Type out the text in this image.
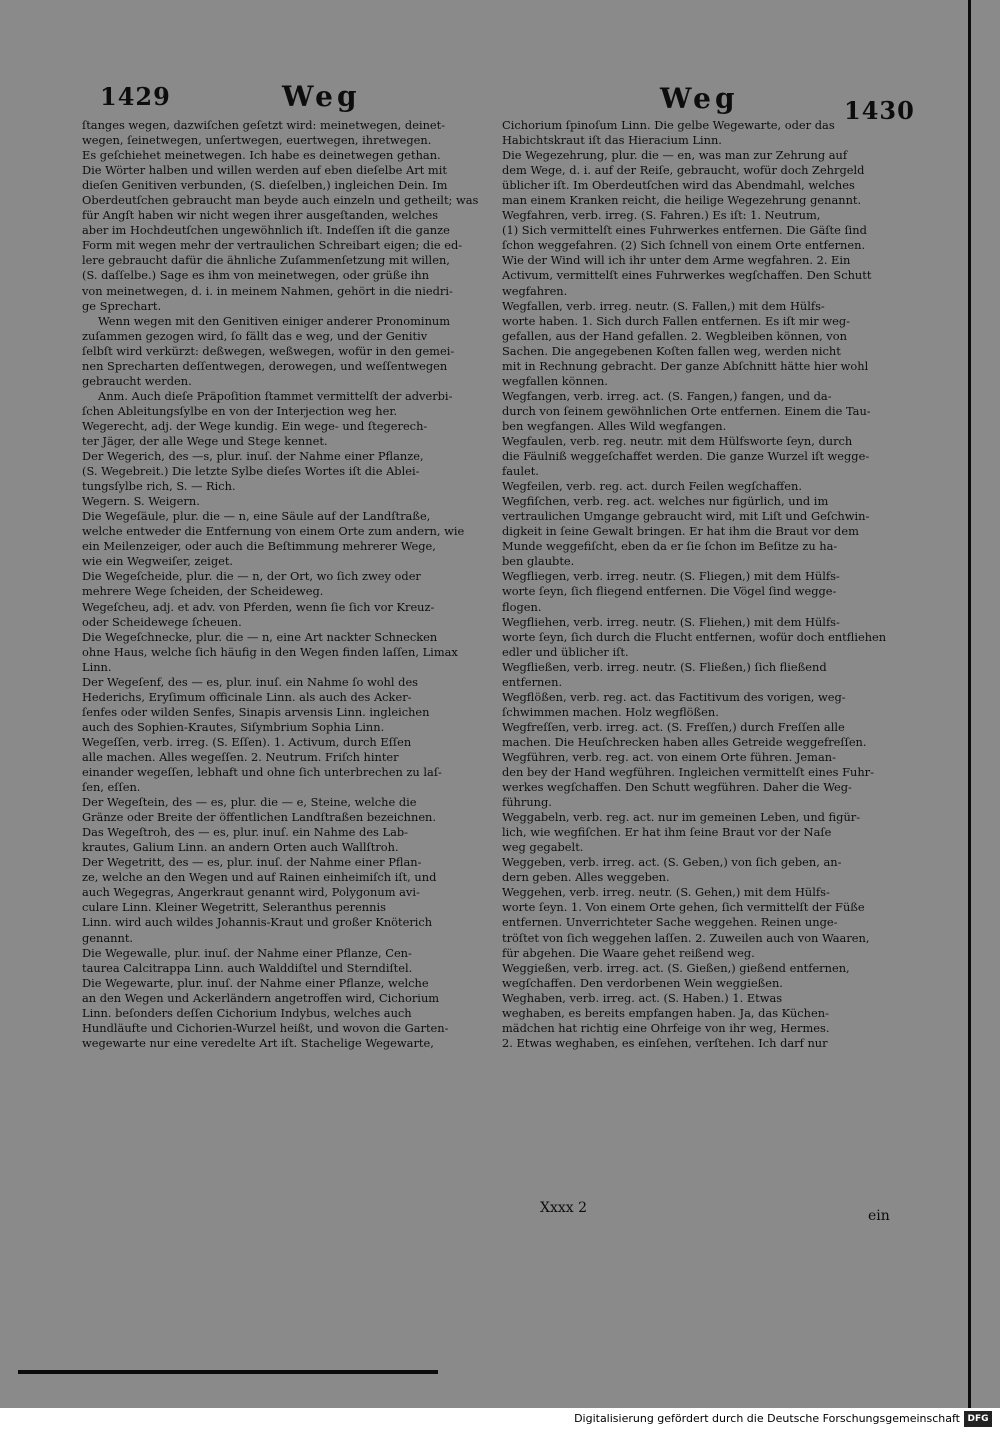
1429	Weg	Weg	1430

ſtanges wegen, dazwiſchen geſetzt wird: meinetwegen, deinet-

wegen, ſeinetwegen, unſertwegen, euertwegen, ihretwegen.

Es geſchiehet meinetwegen. Ich habe es deinetwegen gethan.

Die Wörter halben und willen werden auf eben dieſelbe Art mit

dieſen Genitiven verbunden, (S. dieſelben,) ingleichen Dein. Im

Oberdeutſchen gebraucht man beyde auch einzeln und getheilt; was

für Angſt haben wir nicht wegen ihrer ausgeſtanden, welches

aber im Hochdeutſchen ungewöhnlich iſt. Indeſſen iſt die ganze

Form mit wegen mehr der vertraulichen Schreibart eigen; die ed-

lere gebraucht dafür die ähnliche Zuſammenſetzung mit willen,

(S. daſſelbe.) Sage es ihm von meinetwegen, oder grüße ihn

von meinetwegen, d. i. in meinem Nahmen, gehört in die niedri-

ge Sprechart.

Wenn wegen mit den Genitiven einiger anderer Pronominum

zuſammen gezogen wird, ſo fällt das e weg, und der Genitiv

ſelbſt wird verkürzt: deßwegen, weßwegen, wofür in den gemei-

nen Sprecharten deſſentwegen, derowegen, und weſſentwegen

gebraucht werden.

Anm. Auch dieſe Präpoſition ſtammet vermittelſt der adverbi-

ſchen Ableitungsſylbe en von der Interjection weg her.

Wegerecht, adj. der Wege kundig. Ein wege- und ſtegerech-

ter Jäger, der alle Wege und Stege kennet.

Der Wegerich, des —s, plur. inuſ. der Nahme einer Pflanze,

(S. Wegebreit.) Die letzte Sylbe dieſes Wortes iſt die Ablei-

tungsſylbe rich, S. — Rich.

Wegern. S. Weigern.

Die Wegeſäule, plur. die — n, eine Säule auf der Landſtraße,

welche entweder die Entfernung von einem Orte zum andern, wie

ein Meilenzeiger, oder auch die Beſtimmung mehrerer Wege,

wie ein Wegweiſer, zeiget.

Die Wegeſcheide, plur. die — n, der Ort, wo ſich zwey oder

mehrere Wege ſcheiden, der Scheideweg.

Wegeſcheu, adj. et adv. von Pferden, wenn ſie ſich vor Kreuz-

oder Scheidewege ſcheuen.

Die Wegeſchnecke, plur. die — n, eine Art nackter Schnecken

ohne Haus, welche ſich häufig in den Wegen finden laſſen, Limax

Linn.

Der Wegeſenf, des — es, plur. inuſ. ein Nahme ſo wohl des

Hederichs, Eryſimum officinale Linn. als auch des Acker-

ſenfes oder wilden Senfes, Sinapis arvensis Linn. ingleichen

auch des Sophien-Krautes, Siſymbrium Sophia Linn.

Wegeſſen, verb. irreg. (S. Eſſen). 1. Activum, durch Eſſen

alle machen. Alles wegeſſen. 2. Neutrum. Friſch hinter

einander wegeſſen, lebhaft und ohne ſich unterbrechen zu laſ-

ſen, eſſen.

Der Wegeſtein, des — es, plur. die — e, Steine, welche die

Gränze oder Breite der öffentlichen Landſtraßen bezeichnen.

Das Wegeſtroh, des — es, plur. inuſ. ein Nahme des Lab-

krautes, Galium Linn. an andern Orten auch Wallſtroh.

Der Wegetritt, des — es, plur. inuſ. der Nahme einer Pflan-

ze, welche an den Wegen und auf Rainen einheimiſch iſt, und

auch Wegegras, Angerkraut genannt wird, Polygonum avi-

culare Linn. Kleiner Wegetritt, Seleranthus perennis

Linn. wird auch wildes Johannis-Kraut und großer Knöterich

genannt.

Die Wegewalle, plur. inuſ. der Nahme einer Pflanze, Cen-

taurea Calcitrappa Linn. auch Walddiſtel und Sterndiſtel.

Die Wegewarte, plur. inuſ. der Nahme einer Pflanze, welche

an den Wegen und Ackerländern angetroffen wird, Cichorium

Linn. beſonders deſſen Cichorium Indybus, welches auch

Hundläufte und Cichorien-Wurzel heißt, und wovon die Garten-

wegewarte nur eine veredelte Art iſt. Stachelige Wegewarte,

Cichorium ſpinoſum Linn. Die gelbe Wegewarte, oder das

Habichtskraut iſt das Hieracium Linn.

Die Wegezehrung, plur. die — en, was man zur Zehrung auf

dem Wege, d. i. auf der Reiſe, gebraucht, wofür doch Zehrgeld

üblicher iſt. Im Oberdeutſchen wird das Abendmahl, welches

man einem Kranken reicht, die heilige Wegezehrung genannt.

Wegfahren, verb. irreg. (S. Fahren.) Es iſt: 1. Neutrum,

(1) Sich vermittelſt eines Fuhrwerkes entfernen. Die Gäſte ſind

ſchon weggefahren. (2) Sich ſchnell von einem Orte entfernen.

Wie der Wind will ich ihr unter dem Arme wegfahren. 2. Ein

Activum, vermittelſt eines Fuhrwerkes wegſchaffen. Den Schutt

wegfahren.

Wegfallen, verb. irreg. neutr. (S. Fallen,) mit dem Hülfs-

worte haben. 1. Sich durch Fallen entfernen. Es iſt mir weg-

gefallen, aus der Hand gefallen. 2. Wegbleiben können, von

Sachen. Die angegebenen Koſten fallen weg, werden nicht

mit in Rechnung gebracht. Der ganze Abſchnitt hätte hier wohl

wegfallen können.

Wegfangen, verb. irreg. act. (S. Fangen,) fangen, und da-

durch von ſeinem gewöhnlichen Orte entfernen. Einem die Tau-

ben wegfangen. Alles Wild wegfangen.

Wegfaulen, verb. reg. neutr. mit dem Hülfsworte ſeyn, durch

die Fäulniß weggeſchaffet werden. Die ganze Wurzel iſt wegge-

faulet.

Wegfeilen, verb. reg. act. durch Feilen wegſchaffen.

Wegfiſchen, verb. reg. act. welches nur figürlich, und im

vertraulichen Umgange gebraucht wird, mit Liſt und Geſchwin-

digkeit in ſeine Gewalt bringen. Er hat ihm die Braut vor dem

Munde weggefiſcht, eben da er ſie ſchon im Beſitze zu ha-

ben glaubte.

Wegfliegen, verb. irreg. neutr. (S. Fliegen,) mit dem Hülfs-

worte ſeyn, ſich fliegend entfernen. Die Vögel ſind wegge-

flogen.

Wegfliehen, verb. irreg. neutr. (S. Fliehen,) mit dem Hülfs-

worte ſeyn, ſich durch die Flucht entfernen, wofür doch entfliehen

edler und üblicher iſt.

Wegfließen, verb. irreg. neutr. (S. Fließen,) ſich fließend

entfernen.

Wegflößen, verb. reg. act. das Factitivum des vorigen, weg-

ſchwimmen machen. Holz wegflößen.

Wegfreſſen, verb. irreg. act. (S. Freſſen,) durch Freſſen alle

machen. Die Heuſchrecken haben alles Getreide weggefreſſen.

Wegführen, verb. reg. act. von einem Orte führen. Jeman-

den bey der Hand wegführen. Ingleichen vermittelſt eines Fuhr-

werkes wegſchaffen. Den Schutt wegführen. Daher die Weg-

führung.

Weggabeln, verb. reg. act. nur im gemeinen Leben, und figür-

lich, wie wegfiſchen. Er hat ihm ſeine Braut vor der Naſe

weg gegabelt.

Weggeben, verb. irreg. act. (S. Geben,) von ſich geben, an-

dern geben. Alles weggeben.

Weggehen, verb. irreg. neutr. (S. Gehen,) mit dem Hülfs-

worte ſeyn. 1. Von einem Orte gehen, ſich vermittelſt der Füße

entfernen. Unverrichteter Sache weggehen. Reinen unge-

tröſtet von ſich weggehen laſſen. 2. Zuweilen auch von Waaren,

für abgehen. Die Waare gehet reißend weg.

Weggießen, verb. irreg. act. (S. Gießen,) gießend entfernen,

wegſchaffen. Den verdorbenen Wein weggießen.

Weghaben, verb. irreg. act. (S. Haben.) 1. Etwas

weghaben, es bereits empfangen haben. Ja, das Küchen-

mädchen hat richtig eine Ohrfeige von ihr weg, Hermes.

2. Etwas weghaben, es einſehen, verſtehen. Ich darf nur

Xxxx 2	ein
Digitalisierung gefördert durch die Deutsche Forschungsgemeinschaft DFG
